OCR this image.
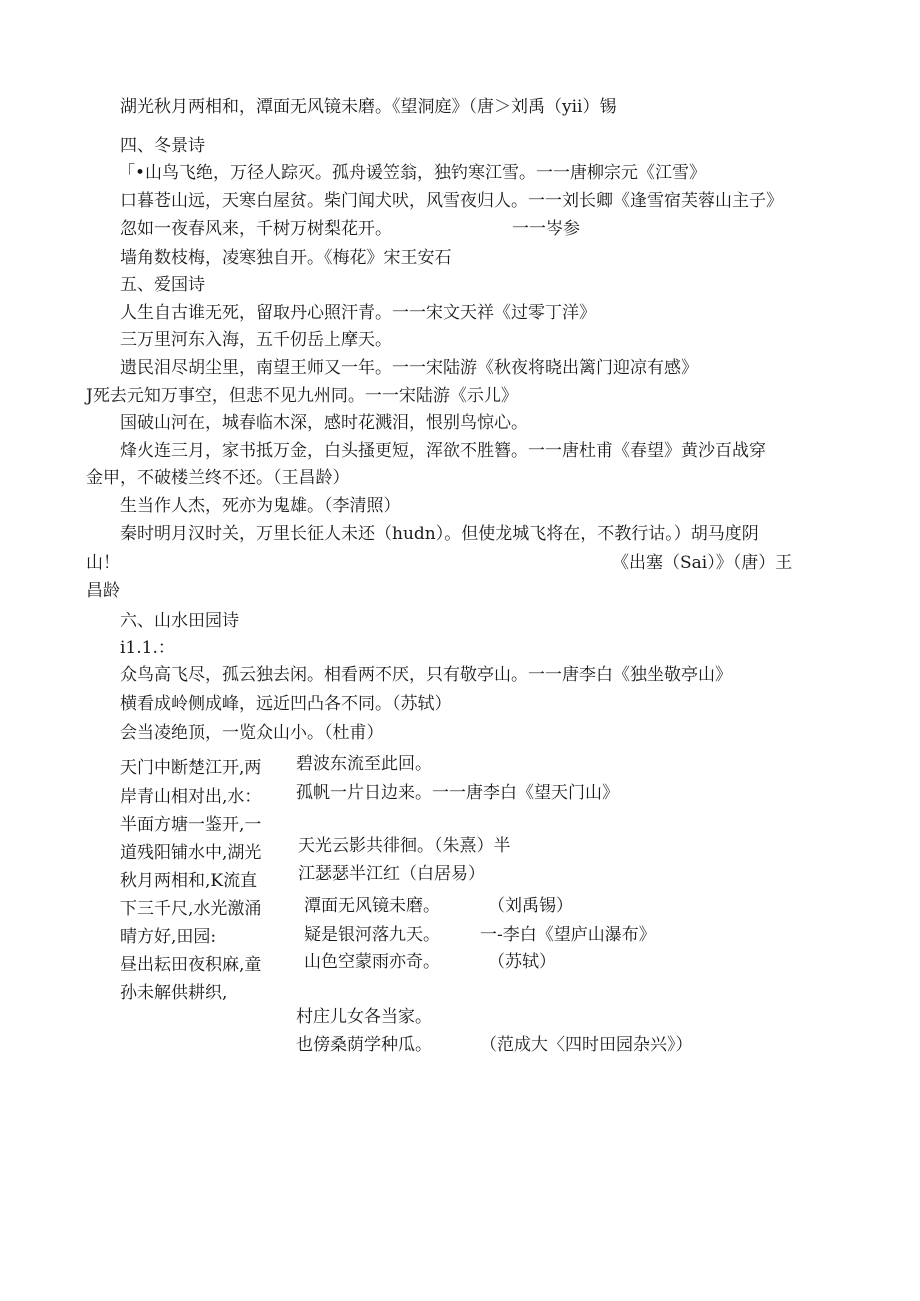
湖光秋月两相和，潭面无风镜未磨。《望洞庭》（唐＞刘禹（yii）锡
四、冬景诗
「•山鸟飞绝，万径人踪灭。孤舟谖笠翁，独钓寒江雪。一一唐柳宗元《江雪》
口暮苍山远，天寒白屋贫。柴门闻犬吠，风雪夜归人。一一刘长卿《逢雪宿芙蓉山主子》
忽如一夜春风来，千树万树梨花开。	一一岑参
墙角数枝梅，凌寒独自开。《梅花》宋王安石
五、爱国诗
人生自古谁无死，留取丹心照汗青。一一宋文天祥《过零丁洋》
三万里河东入海，五千仞岳上摩天。
遗民泪尽胡尘里，南望王师又一年。一一宋陆游《秋夜将晓出篱门迎凉有感》
J死去元知万事空，但悲不见九州同。一一宋陆游《示儿》
国破山河在，城春临木深，感时花溅泪，恨别鸟惊心。
烽火连三月，家书抵万金，白头搔更短，浑欲不胜簪。一一唐杜甫《春望》黄沙百战穿
金甲，不破楼兰终不还。（王昌龄）
生当作人杰，死亦为鬼雄。（李清照）
秦时明月汉时关，万里长征人未还（hudn）。但使龙城飞将在，不教行诂。）胡马度阴
山！	《出塞（Sai）》（唐）王
昌龄
六、山水田园诗
i1.1.：
众鸟高飞尽，孤云独去闲。相看两不厌，只有敬亭山。一一唐李白《独坐敬亭山》
横看成岭侧成峰，远近凹凸各不同。（苏轼）
会当凌绝顶，一览众山小。（杜甫）
天门中断楚江开,两
岸青山相对出,水：
半面方塘一鉴开,一
道残阳铺水中,湖光
秋月两相和,K流直
下三千尺,水光激涌
晴方好,田园:
昼出耘田夜积麻,童
孙未解供耕织,
碧波东流至此回。
孤帆一片日边来。一一唐李白《望天门山》
天光云影共徘徊。（朱熹）半
江瑟瑟半江红（白居易）
潭面无风镜未磨。	（刘禹锡）
疑是银河落九天。 一-李白《望庐山瀑布》
山色空蒙雨亦奇。	（苏轼）
村庄儿女各当家。
也傍桑荫学种瓜。	（范成大〈四时田园杂兴》）
